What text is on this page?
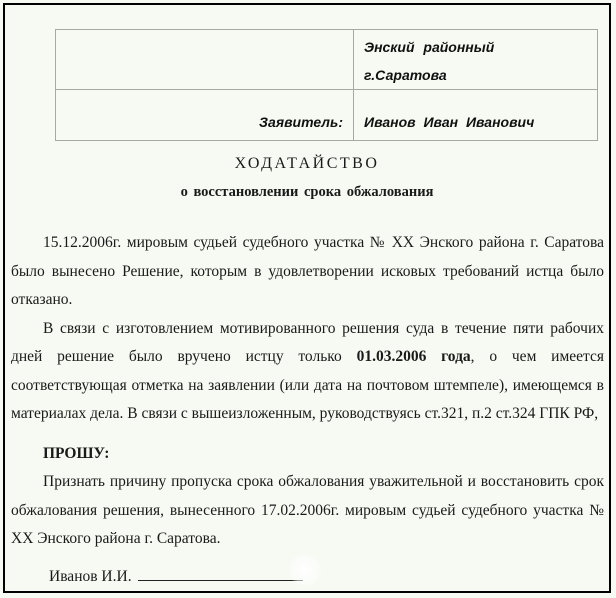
	Энский районный
г.Саратова

Заявитель:	Иванов Иван Иванович
ХОДАТАЙСТВО
о восстановлении срока обжалования

15.12.2006г. мировым судьей судебного участка № ХХ Энского района г. Саратова было вынесено Решение, которым в удовлетворении исковых требований истца было отказано.

В связи с изготовлением мотивированного решения суда в течение пяти рабочих дней решение было вручено истцу только 01.03.2006 года, о чем имеется соответствующая отметка на заявлении (или дата на почтовом штемпеле), имеющемся в материалах дела. В связи с вышеизложенным, руководствуясь ст.321, п.2 ст.324 ГПК РФ,

ПРОШУ:

Признать причину пропуска срока обжалования уважительной и восстановить срок обжалования решения, вынесенного 17.02.2006г. мировым судьей судебного участка № ХХ Энского района г. Саратова.

Иванов И.И.
